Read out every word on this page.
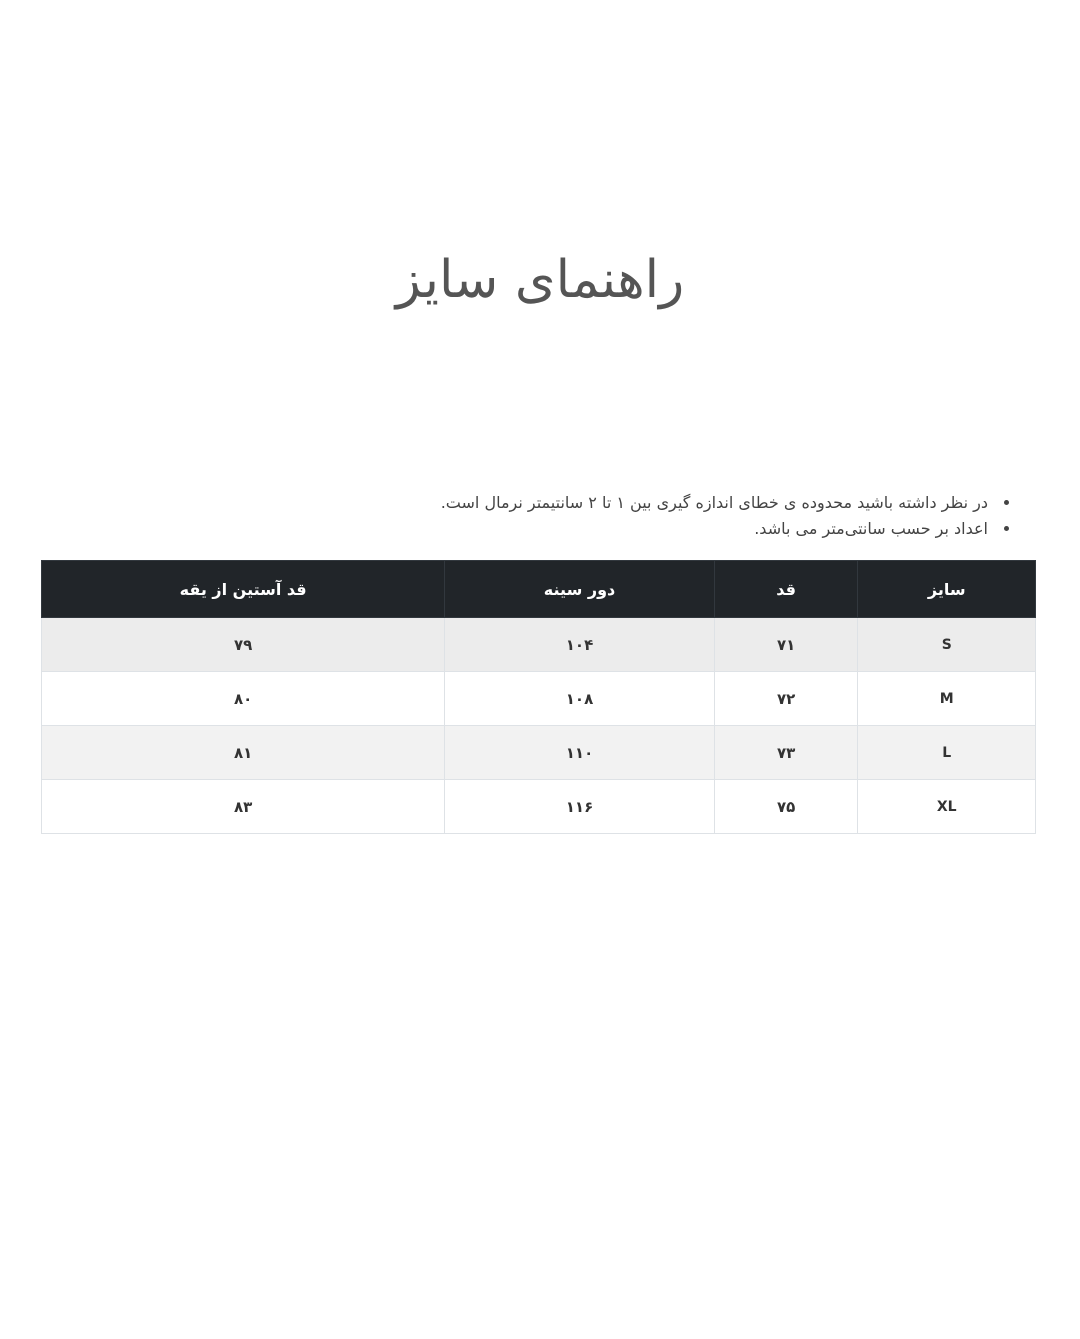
راهنمای سایز
• در نظر داشته باشید محدوده ی خطای اندازه گیری بین ۱ تا ۲ سانتیمتر نرمال است.
• اعداد بر حسب سانتی‌متر می باشد.
سایز	قد	دور سینه	قد آستین از یقه
S	۷۱	۱۰۴	۷۹
M	۷۲	۱۰۸	۸۰
L	۷۳	۱۱۰	۸۱
XL	۷۵	۱۱۶	۸۳
